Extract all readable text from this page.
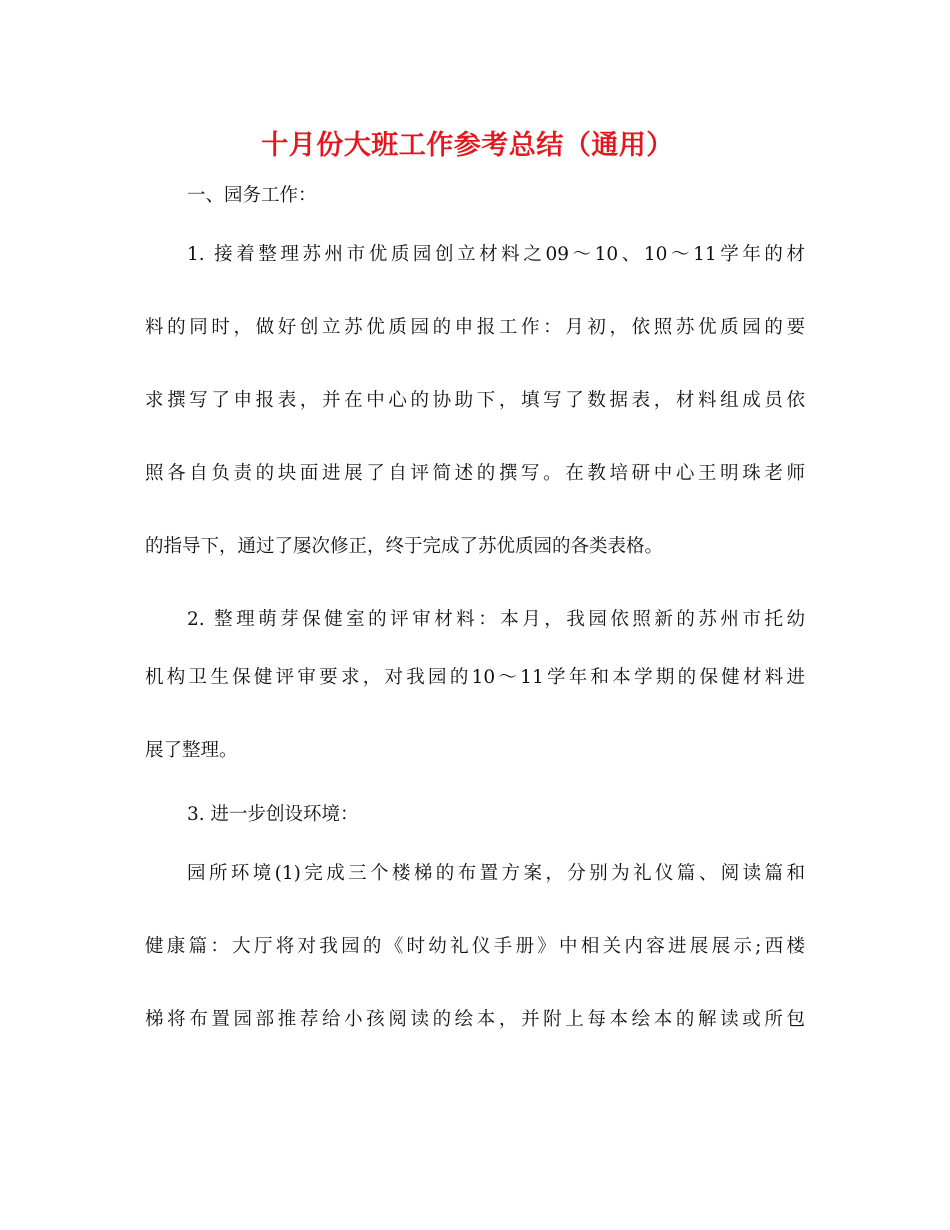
十月份大班工作参考总结（通用）

一、园务工作：

1. 接着整理苏州市优质园创立材料之09～10、10～11学年的材

料的同时，做好创立苏优质园的申报工作：月初，依照苏优质园的要

求撰写了申报表，并在中心的协助下，填写了数据表，材料组成员依

照各自负责的块面进展了自评简述的撰写。在教培研中心王明珠老师

的指导下，通过了屡次修正，终于完成了苏优质园的各类表格。

2. 整理萌芽保健室的评审材料：本月，我园依照新的苏州市托幼

机构卫生保健评审要求，对我园的10～11学年和本学期的保健材料进

展了整理。

3. 进一步创设环境：

园所环境(1)完成三个楼梯的布置方案，分别为礼仪篇、阅读篇和

健康篇：大厅将对我园的《时幼礼仪手册》中相关内容进展展示;西楼

梯将布置园部推荐给小孩阅读的绘本，并附上每本绘本的解读或所包
